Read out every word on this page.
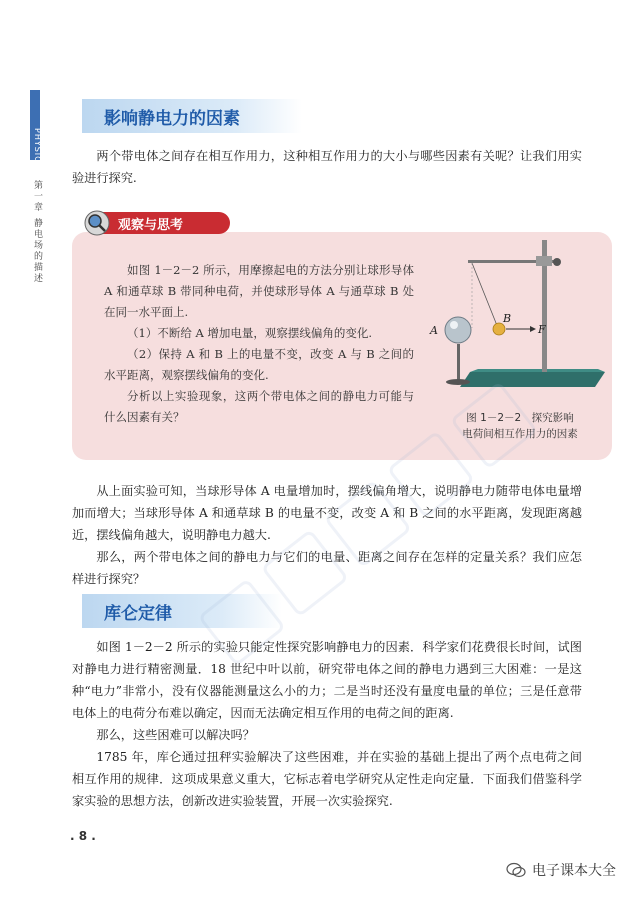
PHYSICS
第一章 静电场的描述
影响静电力的因素

两个带电体之间存在相互作用力，这种相互作用力的大小与哪些因素有关呢？让我们用实验进行探究.

观察与思考

如图 1－2－2 所示，用摩擦起电的方法分别让球形导体 A 和通草球 B 带同种电荷，并使球形导体 A 与通草球 B 处在同一水平面上.

（1）不断给 A 增加电量，观察摆线偏角的变化.

（2）保持 A 和 B 上的电量不变，改变 A 与 B 之间的水平距离，观察摆线偏角的变化.

分析以上实验现象，这两个带电体之间的静电力可能与什么因素有关？

A
B
F
图 1－2－2　探究影响
电荷间相互作用力的因素

从上面实验可知，当球形导体 A 电量增加时，摆线偏角增大，说明静电力随带电体电量增加而增大；当球形导体 A 和通草球 B 的电量不变，改变 A 和 B 之间的水平距离，发现距离越近，摆线偏角越大，说明静电力越大.

那么，两个带电体之间的静电力与它们的电量、距离之间存在怎样的定量关系？我们应怎样进行探究？

库仑定律

如图 1－2－2 所示的实验只能定性探究影响静电力的因素．科学家们花费很长时间，试图对静电力进行精密测量．18 世纪中叶以前，研究带电体之间的静电力遇到三大困难：一是这种“电力”非常小，没有仪器能测量这么小的力；二是当时还没有量度电量的单位；三是任意带电体上的电荷分布难以确定，因而无法确定相互作用的电荷之间的距离.

那么，这些困难可以解决吗？

1785 年，库仑通过扭秤实验解决了这些困难，并在实验的基础上提出了两个点电荷之间相互作用的规律．这项成果意义重大，它标志着电学研究从定性走向定量．下面我们借鉴科学家实验的思想方法，创新改进实验装置，开展一次实验探究.

. 8 .
电子课本大全
